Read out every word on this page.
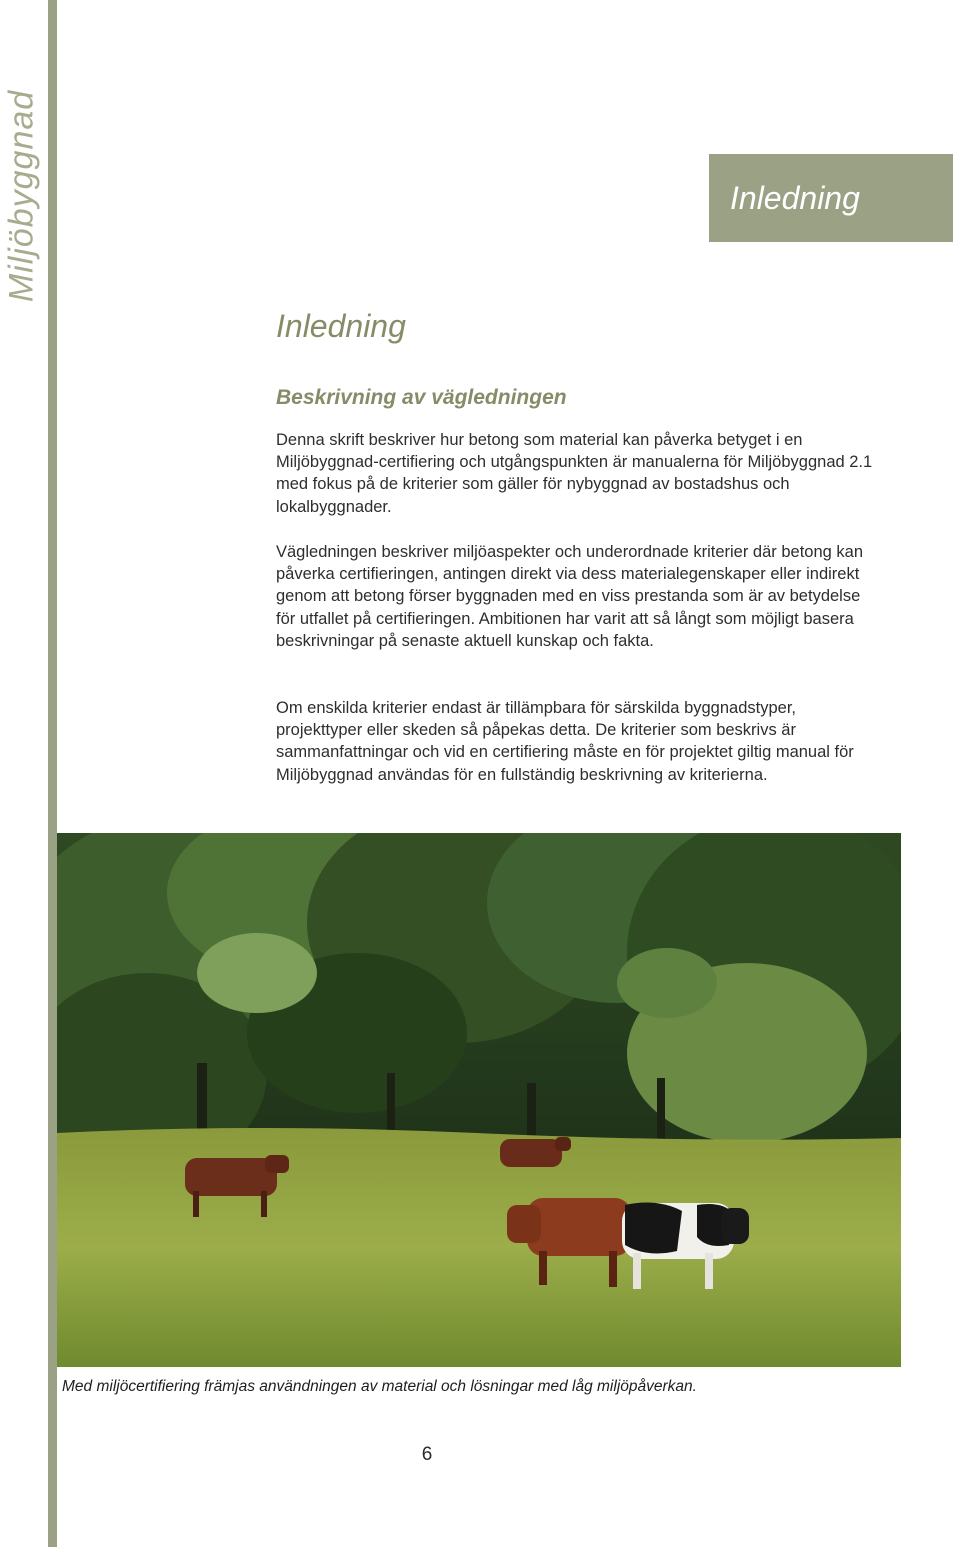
Miljöbyggnad	Inledning
Inledning
Beskrivning av vägledningen

Denna skrift beskriver hur betong som material kan påverka betyget i en Miljöbyggnad-certifiering och utgångspunkten är manualerna för Miljöbyggnad 2.1 med fokus på de kriterier som gäller för nybyggnad av bostadshus och lokalbyggnader.

Vägledningen beskriver miljöaspekter och underordnade kriterier där betong kan påverka certifieringen, antingen direkt via dess materialegenskaper eller indirekt genom att betong förser byggnaden med en viss prestanda som är av betydelse för utfallet på certifieringen. Ambitionen har varit att så långt som möjligt basera beskrivningar på senaste aktuell kunskap och fakta.

Om enskilda kriterier endast är tillämpbara för särskilda byggnadstyper, projekttyper eller skeden så påpekas detta. De kriterier som beskrivs är sammanfattningar och vid en certifiering måste en för projektet giltig manual för Miljöbyggnad användas för en fullständig beskrivning av kriterierna.

Med miljöcertifiering främjas användningen av material och lösningar med låg miljöpåverkan.

6
